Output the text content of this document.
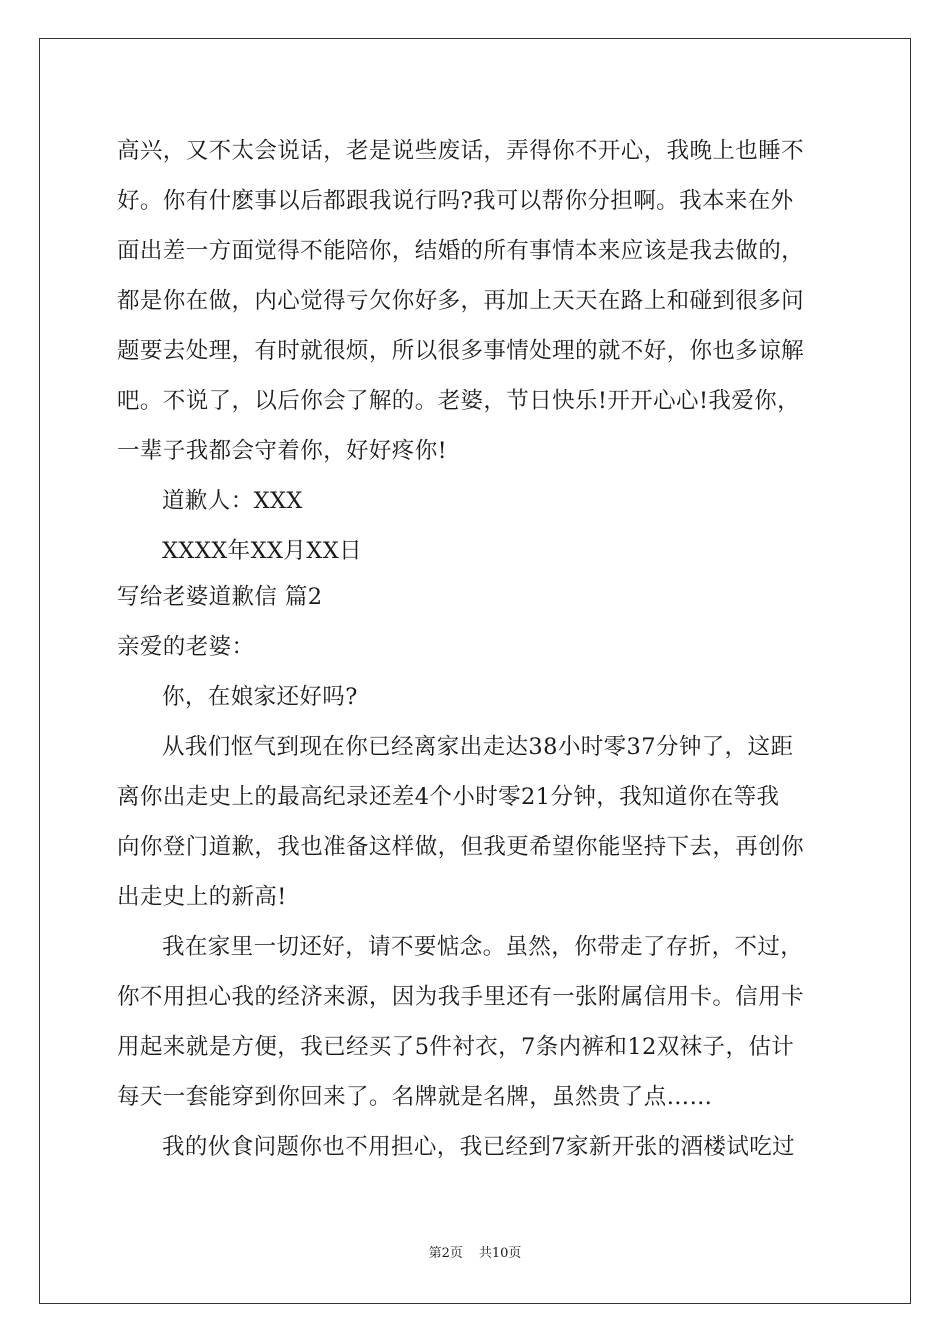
高兴，又不太会说话，老是说些废话，弄得你不开心，我晚上也睡不
好。你有什麽事以后都跟我说行吗?我可以帮你分担啊。我本来在外
面出差一方面觉得不能陪你，结婚的所有事情本来应该是我去做的，
都是你在做，内心觉得亏欠你好多，再加上天天在路上和碰到很多问
题要去处理，有时就很烦，所以很多事情处理的就不好，你也多谅解
吧。不说了，以后你会了解的。老婆，节日快乐!开开心心!我爱你，
一辈子我都会守着你，好好疼你!
道歉人：XXX
XXXX年XX月XX日
写给老婆道歉信 篇2
亲爱的老婆：
你，在娘家还好吗?
从我们怄气到现在你已经离家出走达38小时零37分钟了，这距
离你出走史上的最高纪录还差4个小时零21分钟，我知道你在等我
向你登门道歉，我也准备这样做，但我更希望你能坚持下去，再创你
出走史上的新高!
我在家里一切还好，请不要惦念。虽然，你带走了存折，不过，
你不用担心我的经济来源，因为我手里还有一张附属信用卡。信用卡
用起来就是方便，我已经买了5件衬衣，7条内裤和12双袜子，估计
每天一套能穿到你回来了。名牌就是名牌，虽然贵了点……
我的伙食问题你也不用担心，我已经到7家新开张的酒楼试吃过
第2页 共10页
